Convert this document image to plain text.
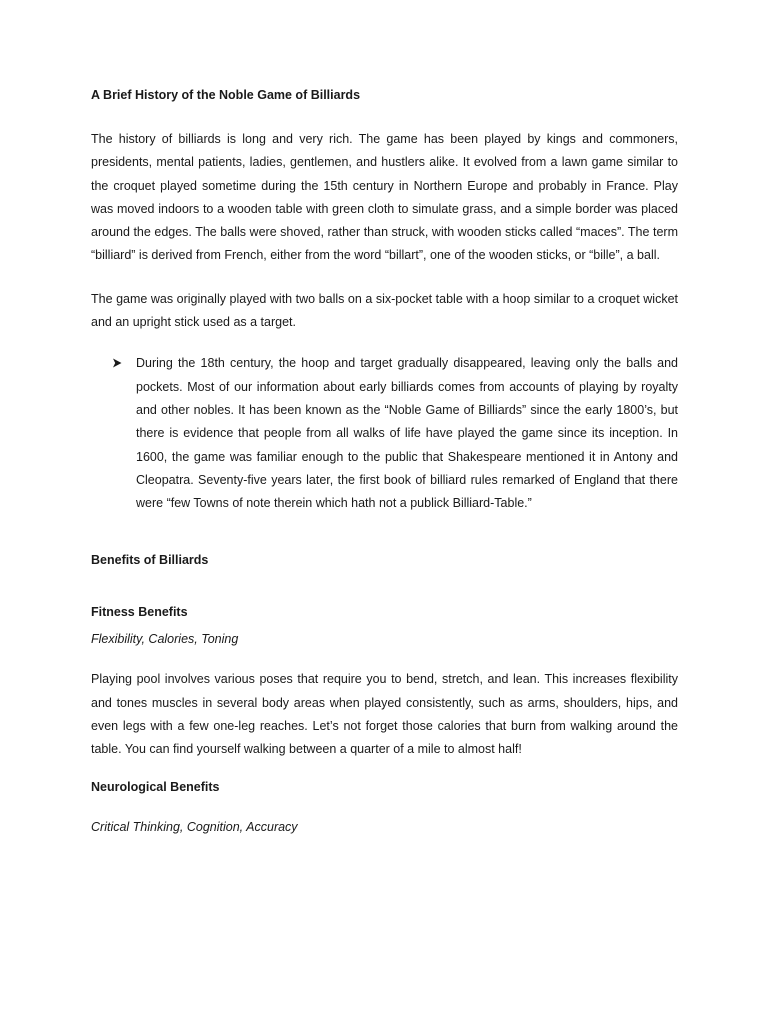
A Brief History of the Noble Game of Billiards

The history of billiards is long and very rich. The game has been played by kings and commoners, presidents, mental patients, ladies, gentlemen, and hustlers alike. It evolved from a lawn game similar to the croquet played sometime during the 15th century in Northern Europe and probably in France. Play was moved indoors to a wooden table with green cloth to simulate grass, and a simple border was placed around the edges. The balls were shoved, rather than struck, with wooden sticks called “maces”. The term “billiard” is derived from French, either from the word “billart”, one of the wooden sticks, or “bille”, a ball.

The game was originally played with two balls on a six-pocket table with a hoop similar to a croquet wicket and an upright stick used as a target.

During the 18th century, the hoop and target gradually disappeared, leaving only the balls and pockets. Most of our information about early billiards comes from accounts of playing by royalty and other nobles. It has been known as the “Noble Game of Billiards” since the early 1800’s, but there is evidence that people from all walks of life have played the game since its inception. In 1600, the game was familiar enough to the public that Shakespeare mentioned it in Antony and Cleopatra. Seventy-five years later, the first book of billiard rules remarked of England that there were “few Towns of note therein which hath not a publick Billiard-Table.”

Benefits of Billiards
Fitness Benefits

Flexibility, Calories, Toning

Playing pool involves various poses that require you to bend, stretch, and lean. This increases flexibility and tones muscles in several body areas when played consistently, such as arms, shoulders, hips, and even legs with a few one-leg reaches. Let’s not forget those calories that burn from walking around the table. You can find yourself walking between a quarter of a mile to almost half!

Neurological Benefits

Critical Thinking, Cognition, Accuracy
